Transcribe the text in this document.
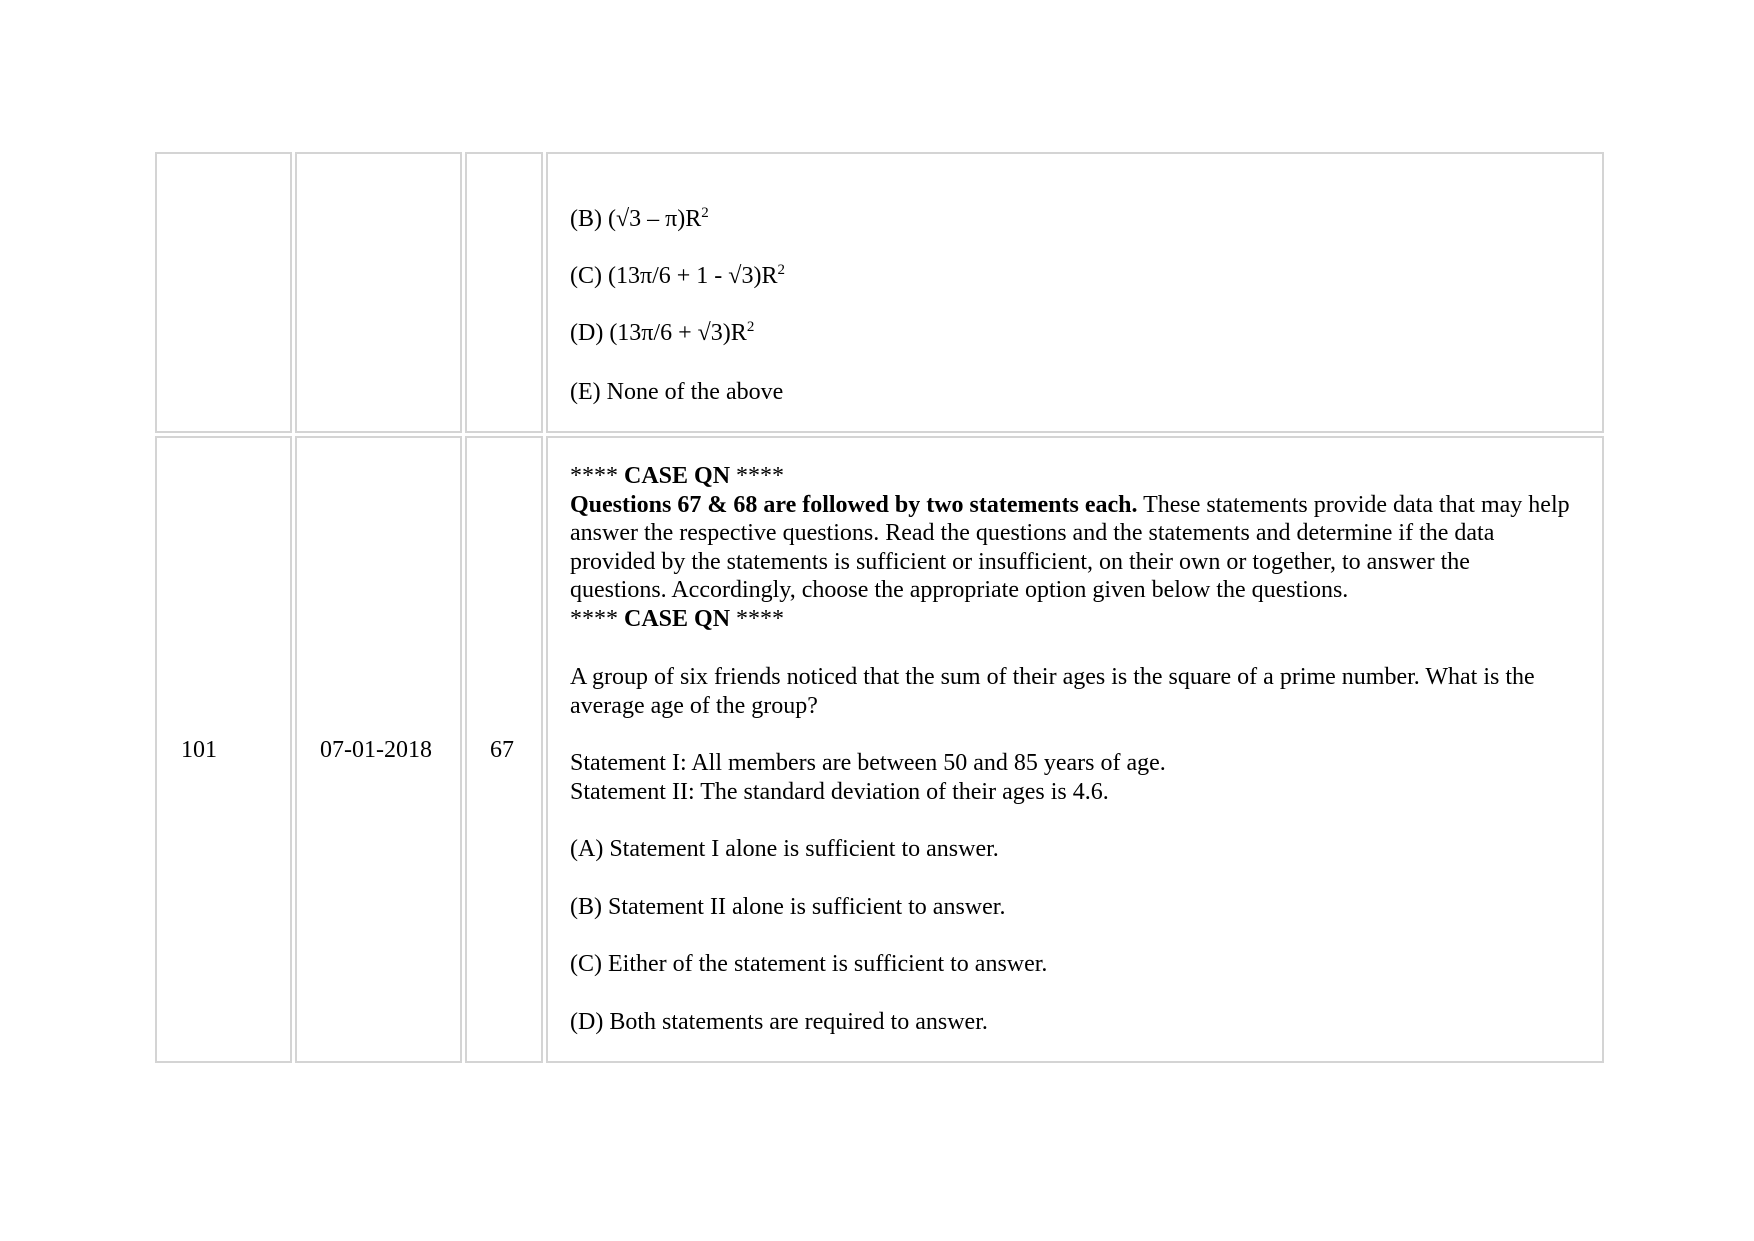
(B) $(√3 - \pi)R^2$
(C) $(13\pi/6 + 1 - √3)R^2$
(D) $(13\pi/6 + √3)R^2$
(E) None of the above
101	07-01-2018 67

**** CASE QN ****

Questions 67 & 68 are followed by two statements each. These statements provide data that may help answer the respective questions. Read the questions and the statements and determine if the data provided by the statements is sufficient or insufficient, on their own or together, to answer the questions. Accordingly, choose the appropriate option given below the questions.

**** CASE QN ****

A group of six friends noticed that the sum of their ages is the square of a prime number. What is the average age of the group?

Statement I: All members are between 50 and 85 years of age.

Statement II: The standard deviation of their ages is 4.6.

(A) Statement I alone is sufficient to answer.
(B) Statement II alone is sufficient to answer.
(C) Either of the statement is sufficient to answer.
(D) Both statements are required to answer.
